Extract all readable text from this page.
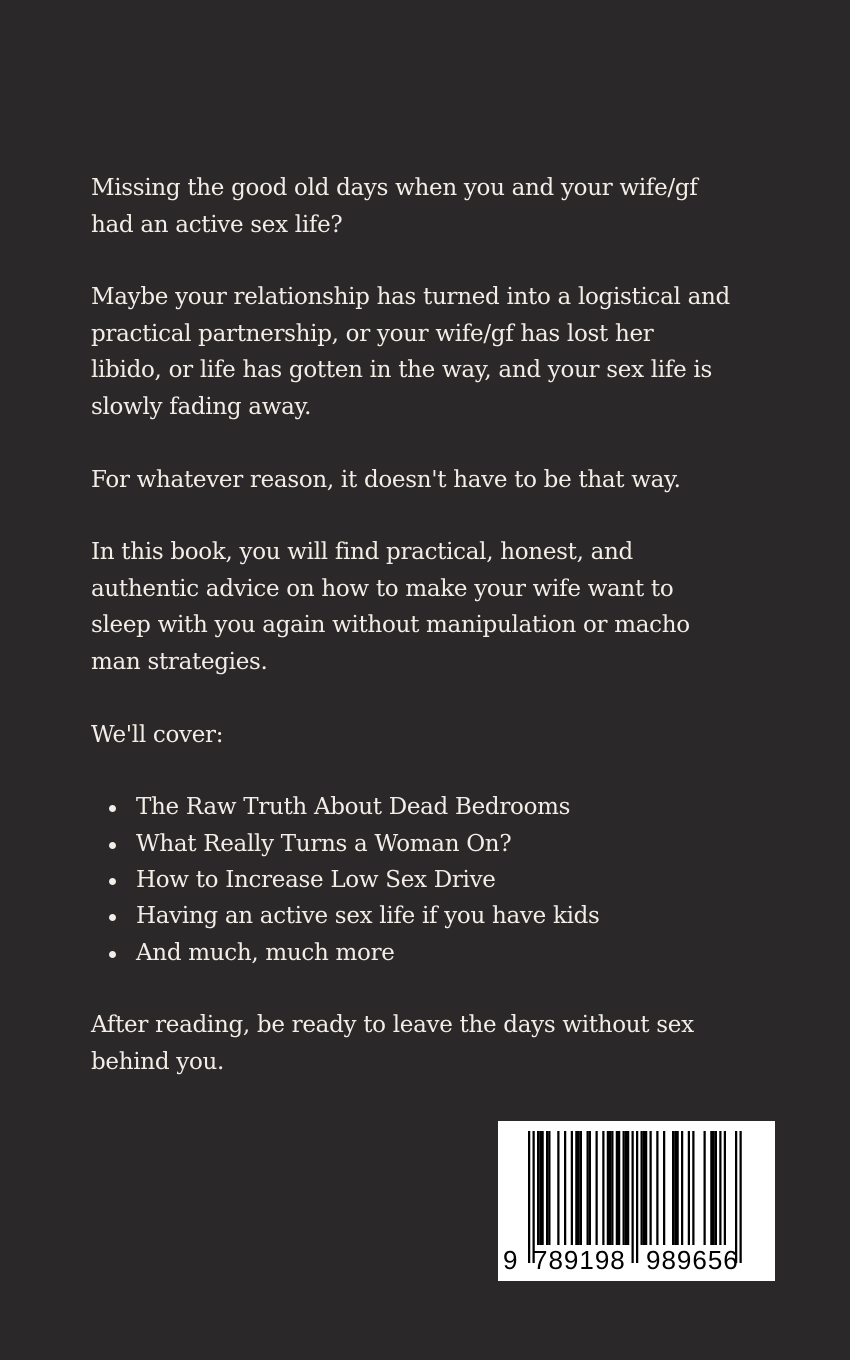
Missing the good old days when you and your wife/gf had an active sex life?

Maybe your relationship has turned into a logistical and practical partnership, or your wife/gf has lost her libido, or life has gotten in the way, and your sex life is slowly fading away.

For whatever reason, it doesn't have to be that way.

In this book, you will find practical, honest, and authentic advice on how to make your wife want to sleep with you again without manipulation or macho man strategies.

We'll cover:

The Raw Truth About Dead Bedrooms
What Really Turns a Woman On?
How to Increase Low Sex Drive
Having an active sex life if you have kids
And much, much more

After reading, be ready to leave the days without sex behind you.

9 789198 989656
